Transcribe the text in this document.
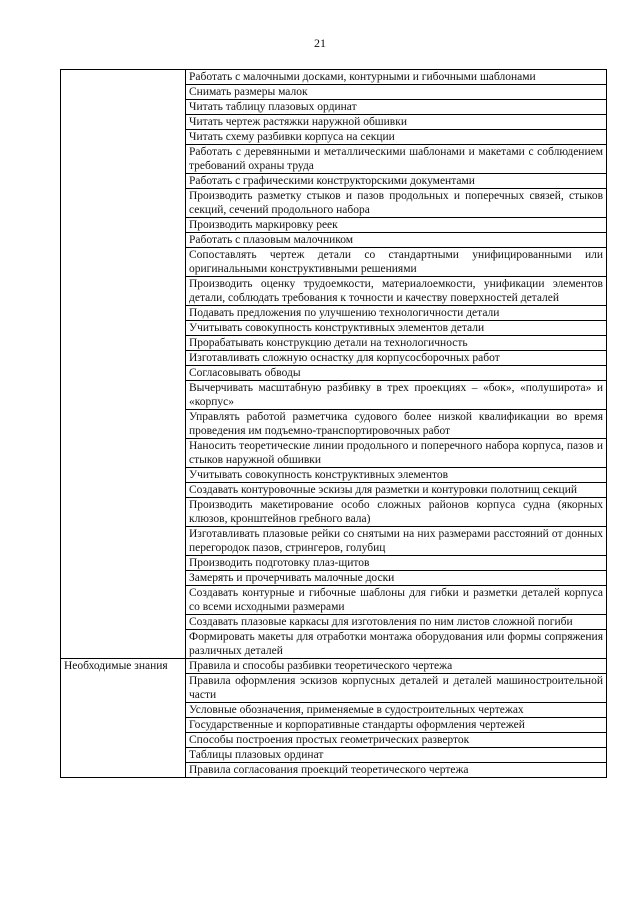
21
	Работать с малочными досками, контурными и гибочными шаблонами
	Снимать размеры малок
	Читать таблицу плазовых ординат
	Читать чертеж растяжки наружной обшивки
	Читать схему разбивки корпуса на секции
	Работать с деревянными и металлическими шаблонами и макетами с соблюдением требований охраны труда
	Работать с графическими конструкторскими документами
	Производить разметку стыков и пазов продольных и поперечных связей, стыков секций, сечений продольного набора
	Производить маркировку реек
	Работать с плазовым малочником
	Сопоставлять чертеж детали со стандартными унифицированными или оригинальными конструктивными решениями
	Производить оценку трудоемкости, материалоемкости, унификации элементов детали, соблюдать требования к точности и качеству поверхностей деталей
	Подавать предложения по улучшению технологичности детали
	Учитывать совокупность конструктивных элементов детали
	Прорабатывать конструкцию детали на технологичность
	Изготавливать сложную оснастку для корпусосборочных работ
	Согласовывать обводы
	Вычерчивать масштабную разбивку в трех проекциях – «бок», «полуширота» и «корпус»
	Управлять работой разметчика судового более низкой квалификации во время проведения им подъемно-транспортировочных работ
	Наносить теоретические линии продольного и поперечного набора корпуса, пазов и стыков наружной обшивки
	Учитывать совокупность конструктивных элементов
	Создавать контуровочные эскизы для разметки и контуровки полотнищ секций
	Производить макетирование особо сложных районов корпуса судна (якорных клюзов, кронштейнов гребного вала)
	Изготавливать плазовые рейки со снятыми на них размерами расстояний от донных перегородок пазов, стрингеров, голубиц
	Производить подготовку плаз-щитов
	Замерять и прочерчивать малочные доски
	Создавать контурные и гибочные шаблоны для гибки и разметки деталей корпуса со всеми исходными размерами
	Создавать плазовые каркасы для изготовления по ним листов сложной погиби
	Формировать макеты для отработки монтажа оборудования или формы сопряжения различных деталей
Необходимые знания	Правила и способы разбивки теоретического чертежа
	Правила оформления эскизов корпусных деталей и деталей машиностроительной части
	Условные обозначения, применяемые в судостроительных чертежах
	Государственные и корпоративные стандарты оформления чертежей
	Способы построения простых геометрических разверток
	Таблицы плазовых ординат
	Правила согласования проекций теоретического чертежа
